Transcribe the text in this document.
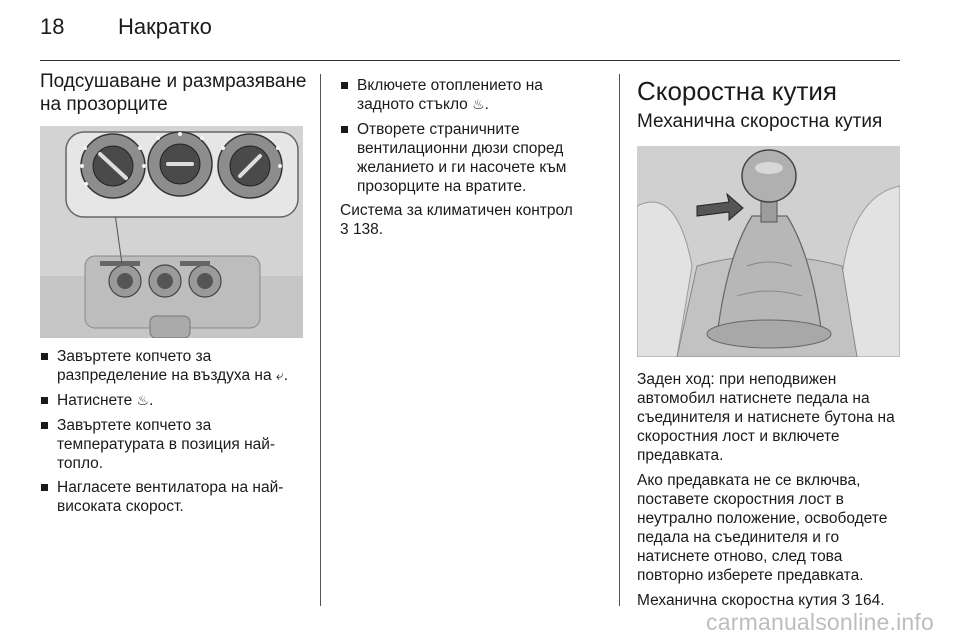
18 Накратко
Подсушаване и размразяване
на прозорците
Завъртете копчето за разпределение на въздуха на ⤶.
Натиснете ♨.
Завъртете копчето за температурата в позиция най-топло.
Нагласете вентилатора на най-високата скорост.
Включете отоплението на задното стъкло ♨.
Отворете страничните вентилационни дюзи според желанието и ги насочете към прозорците на вратите.

Система за климатичен контрол
3 138.

Скоростна кутия
Механична скоростна кутия

Заден ход: при неподвижен автомобил натиснете педала на съединителя и натиснете бутона на скоростния лост и включете предавката.

Ако предавката не се включва, поставете скоростния лост в неутрално положение, освободете педала на съединителя и го натиснете отново, след това повторно изберете предавката.

Механична скоростна кутия 3 164.

carmanualsonline.info
